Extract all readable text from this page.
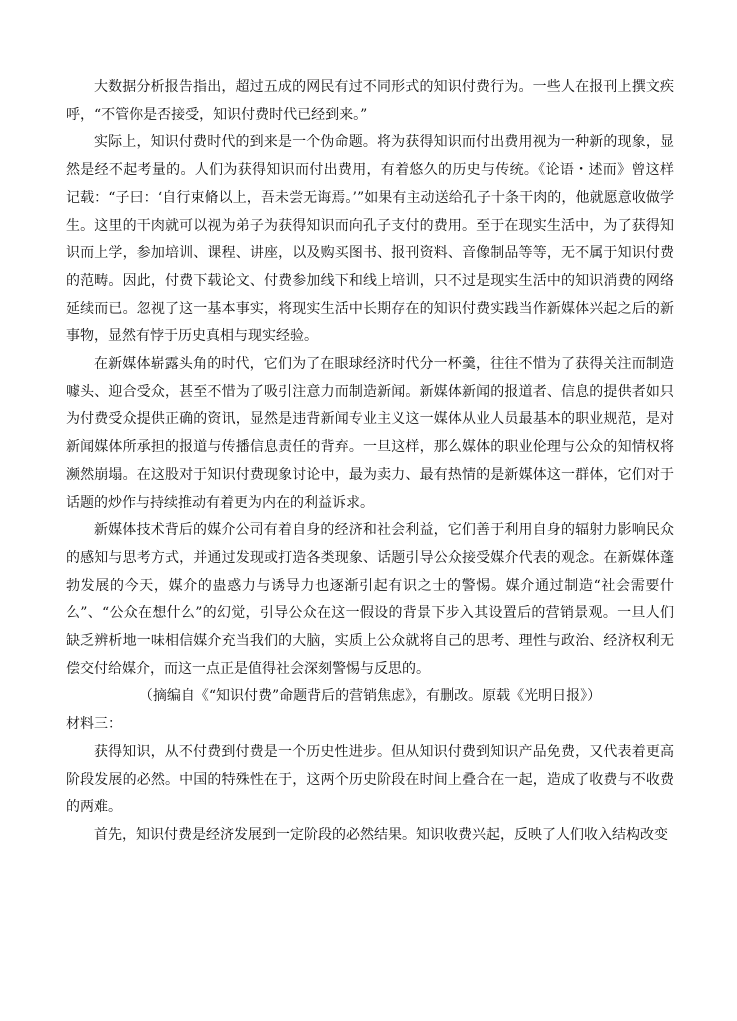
大数据分析报告指出，超过五成的网民有过不同形式的知识付费行为。一些人在报刊上撰文疾呼，“不管你是否接受，知识付费时代已经到来。”

实际上，知识付费时代的到来是一个伪命题。将为获得知识而付出费用视为一种新的现象，显然是经不起考量的。人们为获得知识而付出费用，有着悠久的历史与传统。《论语・述而》曾这样记载：“子曰：‘自行束脩以上，吾未尝无诲焉。’”如果有主动送给孔子十条干肉的，他就愿意收做学生。这里的干肉就可以视为弟子为获得知识而向孔子支付的费用。至于在现实生活中，为了获得知识而上学，参加培训、课程、讲座，以及购买图书、报刊资料、音像制品等等，无不属于知识付费的范畴。因此，付费下载论文、付费参加线下和线上培训，只不过是现实生活中的知识消费的网络延续而已。忽视了这一基本事实，将现实生活中长期存在的知识付费实践当作新媒体兴起之后的新事物，显然有悖于历史真相与现实经验。

在新媒体崭露头角的时代，它们为了在眼球经济时代分一杯羹，往往不惜为了获得关注而制造噱头、迎合受众，甚至不惜为了吸引注意力而制造新闻。新媒体新闻的报道者、信息的提供者如只为付费受众提供正确的资讯，显然是违背新闻专业主义这一媒体从业人员最基本的职业规范，是对新闻媒体所承担的报道与传播信息责任的背弃。一旦这样，那么媒体的职业伦理与公众的知情权将濒然崩塌。在这股对于知识付费现象讨论中，最为卖力、最有热情的是新媒体这一群体，它们对于话题的炒作与持续推动有着更为内在的利益诉求。

新媒体技术背后的媒介公司有着自身的经济和社会利益，它们善于利用自身的辐射力影响民众的感知与思考方式，并通过发现或打造各类现象、话题引导公众接受媒介代表的观念。在新媒体蓬勃发展的今天，媒介的蛊惑力与诱导力也逐渐引起有识之士的警惕。媒介通过制造“社会需要什么”、“公众在想什么”的幻觉，引导公众在这一假设的背景下步入其设置后的营销景观。一旦人们缺乏辨析地一味相信媒介充当我们的大脑，实质上公众就将自己的思考、理性与政治、经济权利无偿交付给媒介，而这一点正是值得社会深刻警惕与反思的。

（摘编自《“知识付费”命题背后的营销焦虑》，有删改。原载《光明日报》）

材料三：

获得知识，从不付费到付费是一个历史性进步。但从知识付费到知识产品免费，又代表着更高阶段发展的必然。中国的特殊性在于，这两个历史阶段在时间上叠合在一起，造成了收费与不收费的两难。

首先，知识付费是经济发展到一定阶段的必然结果。知识收费兴起，反映了人们收入结构改变
